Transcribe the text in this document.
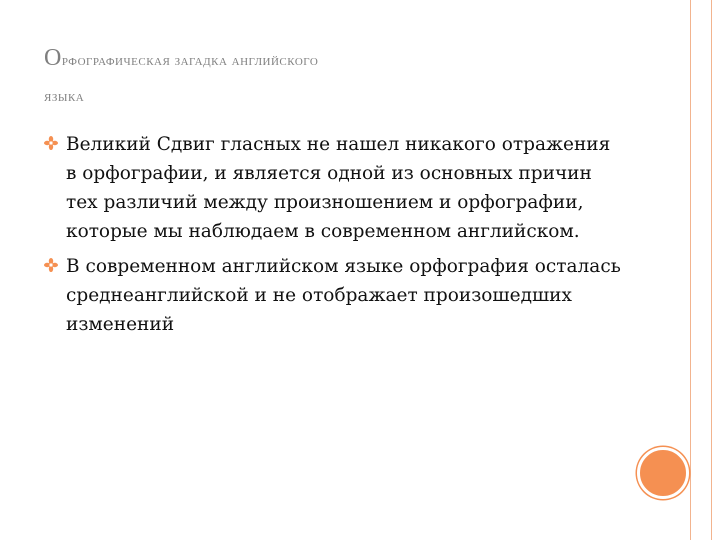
Орфографическая загадка английского
языка
Великий Сдвиг гласных не нашел никакого отражения в орфографии, и является одной из основных причин тех различий между произношением и орфографии, которые мы наблюдаем в современном английском.
В современном английском языке орфография осталась среднеанглийской и не отображает произошедших изменений
